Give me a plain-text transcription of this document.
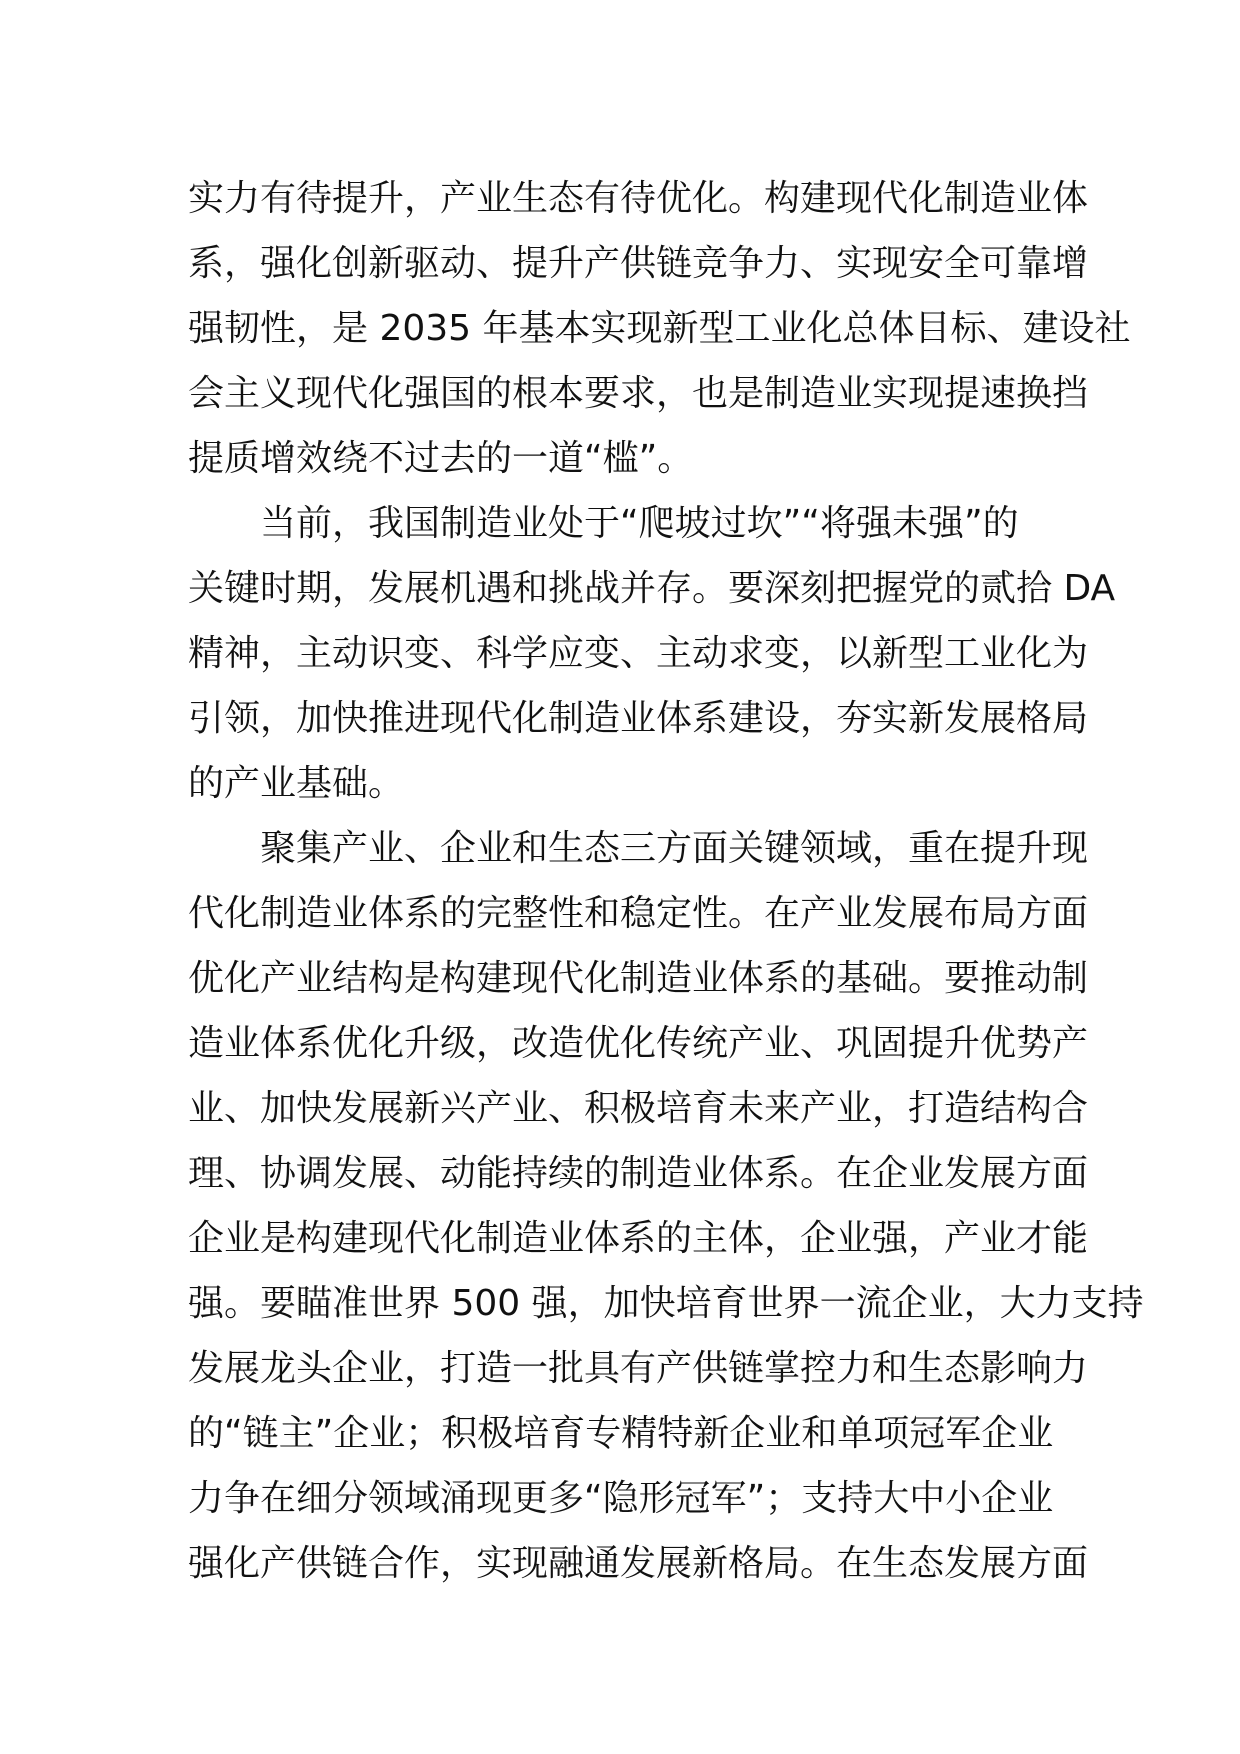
实力有待提升，产业生态有待优化。构建现代化制造业体
系，强化创新驱动、提升产供链竞争力、实现安全可靠增
强韧性，是 2035 年基本实现新型工业化总体目标、建设社
会主义现代化强国的根本要求，也是制造业实现提速换挡
提质增效绕不过去的一道“槛”。
当前，我国制造业处于“爬坡过坎”“将强未强”的
关键时期，发展机遇和挑战并存。要深刻把握党的贰拾 DA
精神，主动识变、科学应变、主动求变，以新型工业化为
引领，加快推进现代化制造业体系建设，夯实新发展格局
的产业基础。
聚集产业、企业和生态三方面关键领域，重在提升现
代化制造业体系的完整性和稳定性。在产业发展布局方面
优化产业结构是构建现代化制造业体系的基础。要推动制
造业体系优化升级，改造优化传统产业、巩固提升优势产
业、加快发展新兴产业、积极培育未来产业，打造结构合
理、协调发展、动能持续的制造业体系。在企业发展方面
企业是构建现代化制造业体系的主体，企业强，产业才能
强。要瞄准世界 500 强，加快培育世界一流企业，大力支持
发展龙头企业，打造一批具有产供链掌控力和生态影响力
的“链主”企业；积极培育专精特新企业和单项冠军企业
力争在细分领域涌现更多“隐形冠军”；支持大中小企业
强化产供链合作，实现融通发展新格局。在生态发展方面
